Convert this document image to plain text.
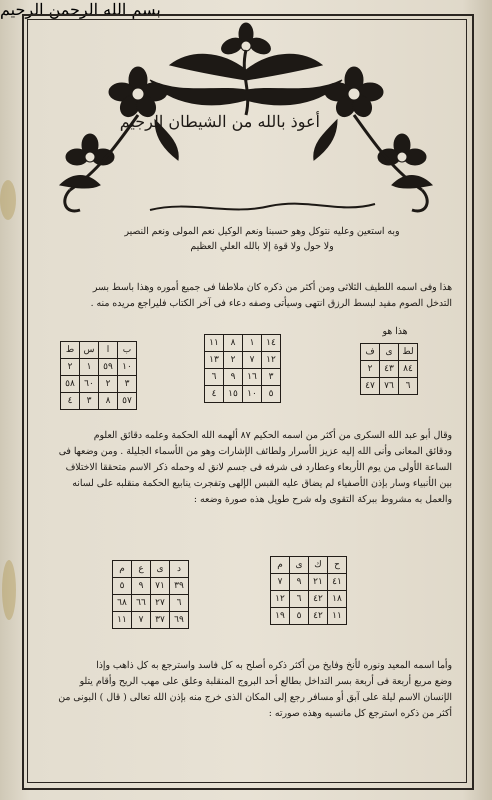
أعوذ بالله من الشيطان الرجيم
بسم الله الرحمن الرحيم
وبه استعين وعليه نتوكل وهو حسبنا ونعم الوكيل نعم المولى ونعم النصير
ولا حول ولا قوة إلا بالله العلي العظيم
هذا وفى اسمه اللطيف الثلاثى ومن أكثر من ذكره كان ملاطفا فى جميع أموره وهذا باسط بسر
التدخل الصوم مفيد لبسط الرزق انتهى وسيأتى وصفه دعاء فى آخر الكتاب فليراجع مريده منه .
هذا هو
ب	ا	س	ط
١٠	٥٩	١	٢
٣	٢	٦٠	٥٨
٥٧	٨	٣	٤
١٤	١	٨	١١
١٢	٧	٢	١٣
٣	١٦	٩	٦
٥	١٠	١٥	٤
لط	ى	ف
٨٤	٤٣	٢
٦	٧٦	٤٧
وقال أبو عبد الله السكرى من أكثر من اسمه الحكيم ٨٧ ألهمه الله الحكمة وعلمه دقائق العلوم
ودقائق المعانى وأنى الله إليه عزيز الأسرار ولطائف الإشارات وهو من الأسماء الجليلة . ومن وضعها فى
الساعة الأولى من يوم الأربعاء وعطارد فى شرفه فى جسم لانق له وحمله ذكر الاسم متحققا الاختلاف
بين الأنبياء وسار بإذن الأصفياء لم يضاق عليه القبس الإلهى وتفجرت ينابيع الحكمة منقلبه على لسانه
والعمل به مشروط ببركة التقوى وله شرح طويل هذه صورة وضعه :
د	ى	ع	م
٣٩	٧١	٩	٥
٦	٢٧	٦٦	٦٨
٦٩	٣٧	٧	١١
ح	ك	ى	م
٤١	٢١	٩	٧
١٨	٤٢	٦	١٢
١١	٤٢	٥	١٩
وأما اسمه المعيد ونوره لأنخ وفايخ من أكثر ذكره أصلح به كل فاسد واسترجع به كل ذاهب وإذا
وضع مربع أربعة فى أربعة بسر التداخل بطالع أحد البروج المنقلبة وعلق على مهب الريح وأقام يتلو
الإنسان الاسم ليلة على آبق أو مسافر رجع إلى المكان الذى خرج منه بإذن الله تعالى ( قال ) البونى من
أكثر من ذكره استرجع كل مانسيه وهذه صورته :
